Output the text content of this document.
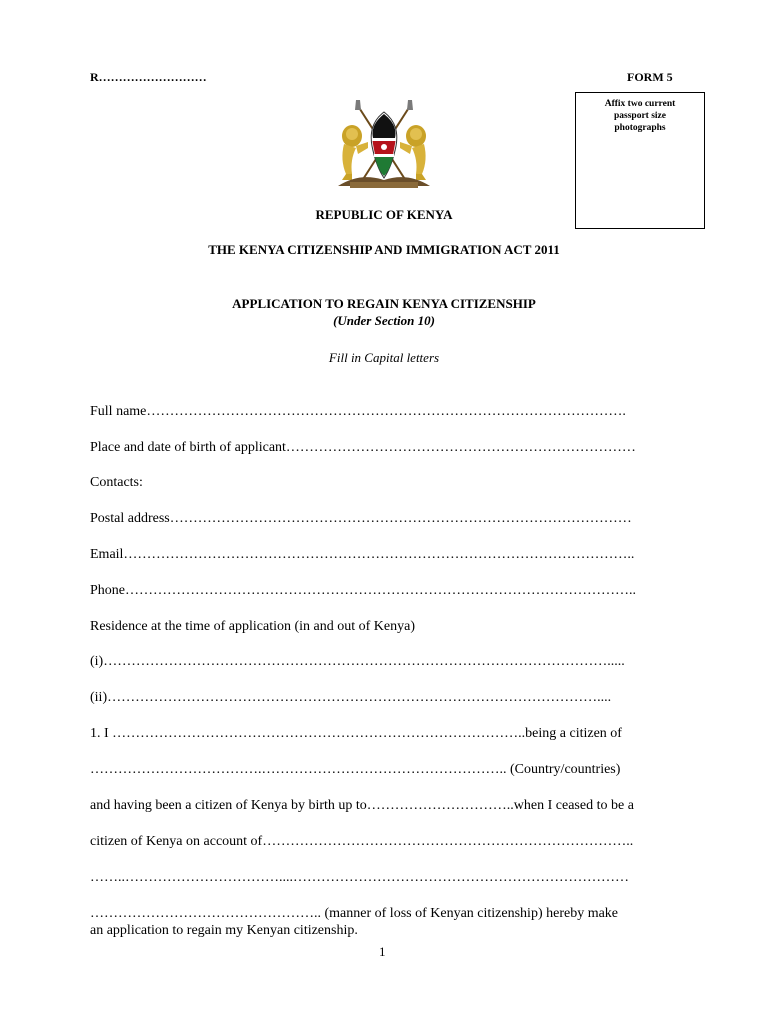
R………………………	FORM 5
Affix two current
passport size
photographs
REPUBLIC OF KENYA
THE KENYA CITIZENSHIP AND IMMIGRATION ACT 2011
APPLICATION TO REGAIN KENYA CITIZENSHIP
(Under Section 10)
Fill in Capital letters
Full name………………………………………………………………………………………….
Place and date of birth of applicant…………………………………………………………………
Contacts:
Postal address………………………………………………………………………………………
Email………………………………………………………………………………………………..
Phone………………………………………………………………………………………………..
Residence at the time of application (in and out of Kenya)
(i)……………………………………………………………………………………………….....
(ii)……………………………………………………………………………………………....
1. I ……………………………………………………………………………..being a citizen of
……………………………….…………………………………………….. (Country/countries)
and having been a citizen of Kenya by birth up to…………………………..when I ceased to be a
citizen of Kenya on account of……………………………………………………………………..
……..……………………………....………………………………………………………………
………………………………………….. (manner of loss of Kenyan citizenship) hereby make
an application to regain my Kenyan citizenship.
1
